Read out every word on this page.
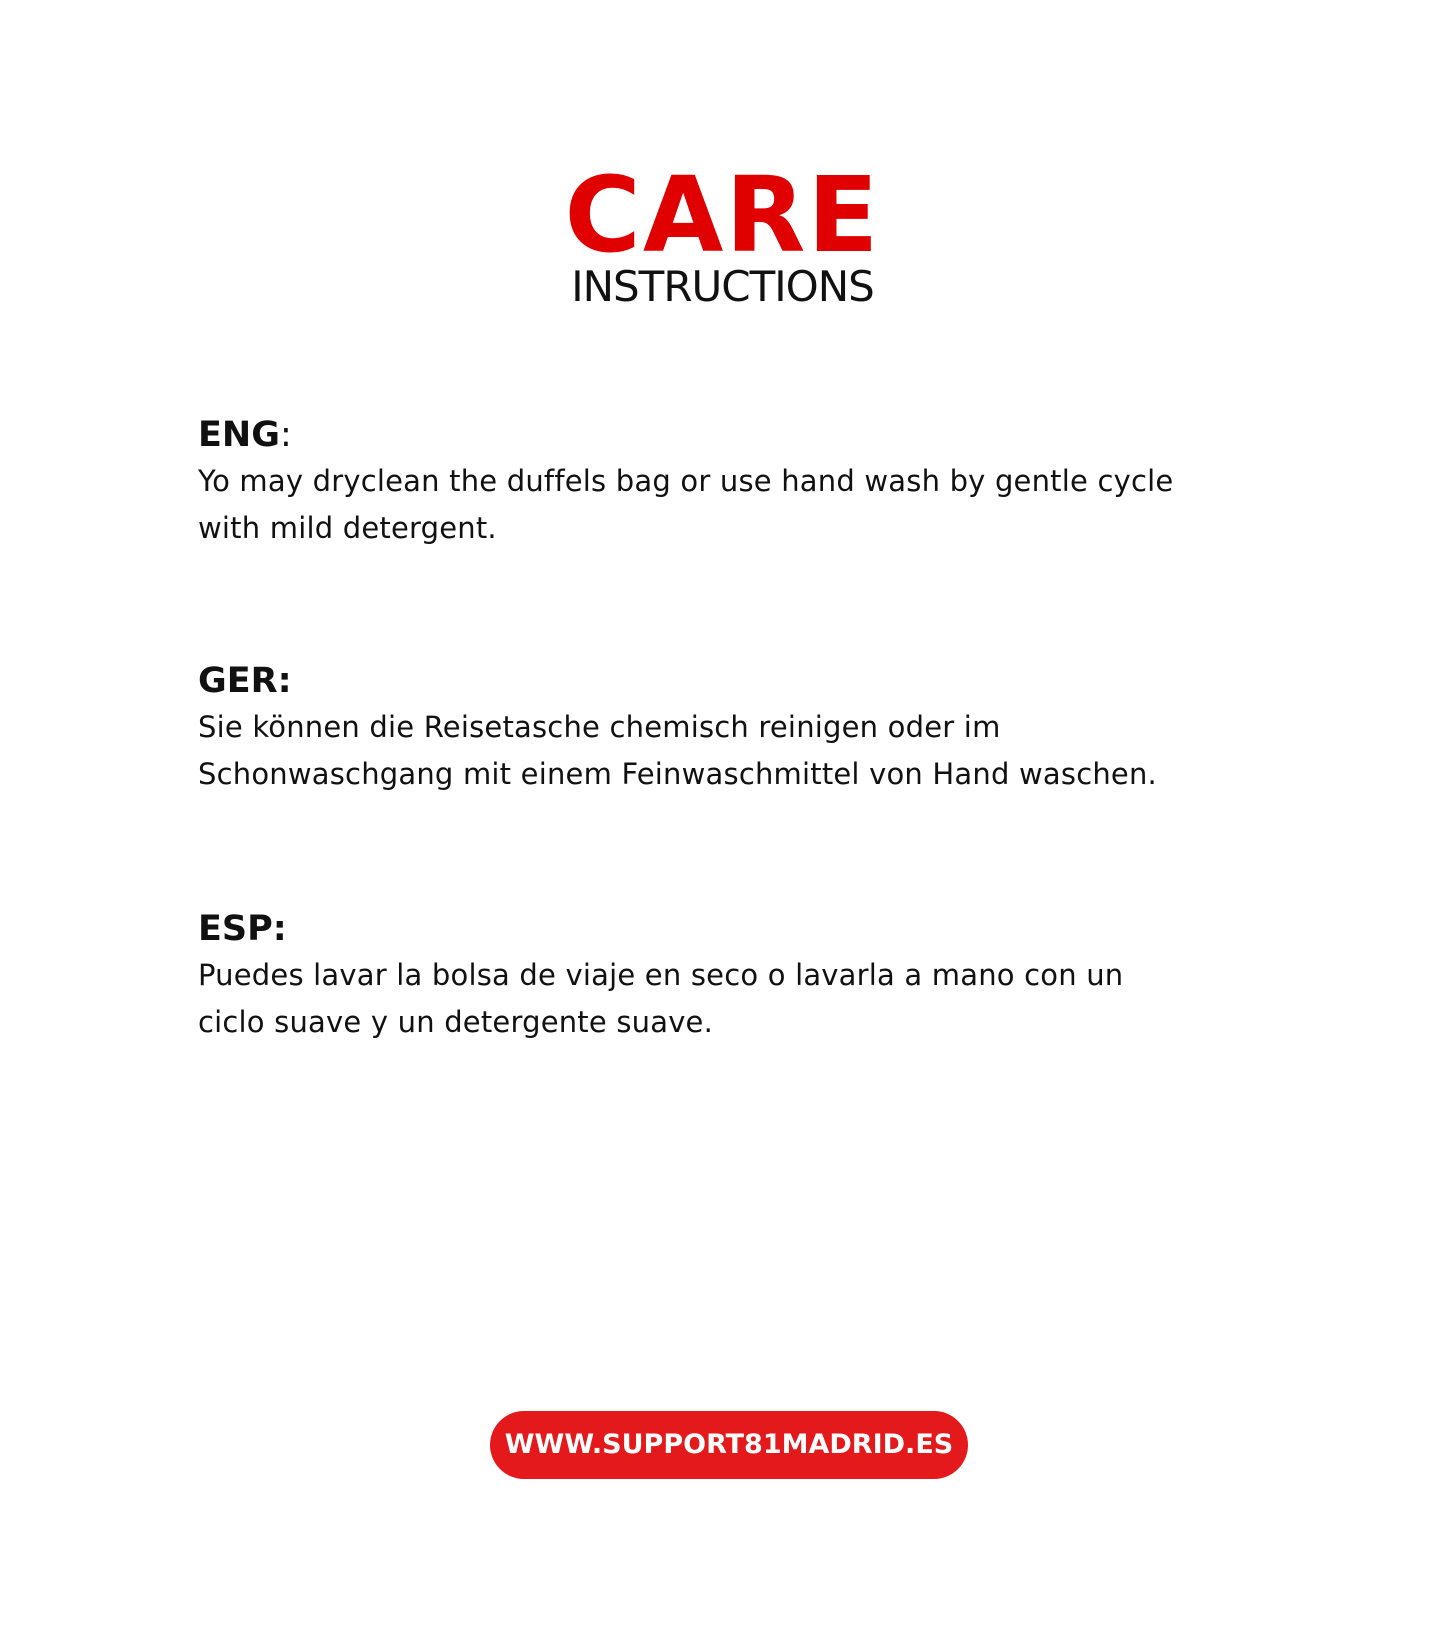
CARE
INSTRUCTIONS
ENG:
Yo may dryclean the duffels bag or use hand wash by gentle cycle
with mild detergent.
GER:
Sie können die Reisetasche chemisch reinigen oder im
Schonwaschgang mit einem Feinwaschmittel von Hand waschen.
ESP:
Puedes lavar la bolsa de viaje en seco o lavarla a mano con un
ciclo suave y un detergente suave.
WWW.SUPPORT81MADRID.ES
